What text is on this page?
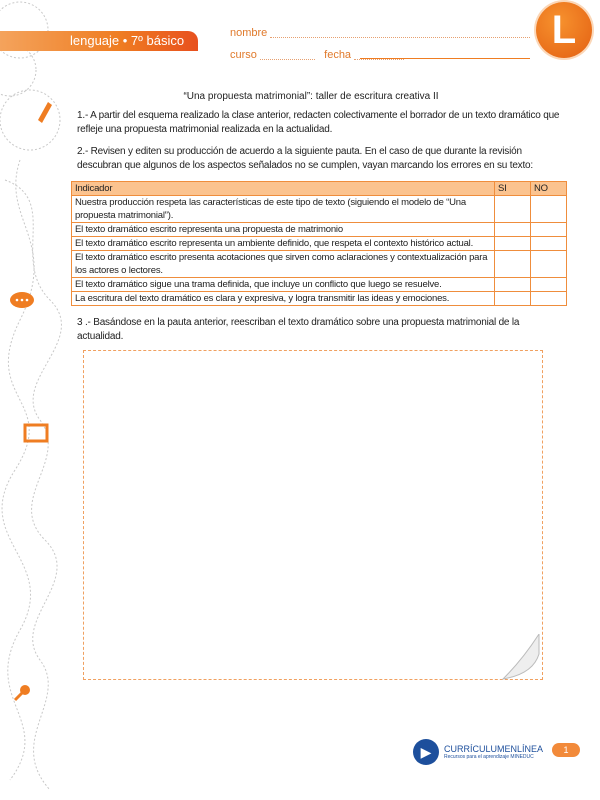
lenguaje • 7º básico	nombre
curso	fecha
L
“Una propuesta matrimonial”: taller de escritura creativa II
1.- A partir del esquema realizado la clase anterior, redacten colectivamente el borrador de un texto dramático que refleje una propuesta matrimonial realizada en la actualidad.
2.- Revisen y editen su producción de acuerdo a la siguiente pauta. En el caso de que durante la revisión descubran que algunos de los aspectos señalados no se cumplen, vayan marcando los errores en su texto:
Indicador	SI	NO
Nuestra producción respeta las características de este tipo de texto (siguiendo el modelo de “Una propuesta matrimonial”).		
El texto dramático escrito representa una propuesta de matrimonio		
El texto dramático escrito representa un ambiente definido, que respeta el contexto histórico actual.		
El texto dramático escrito presenta acotaciones que sirven como aclaraciones y contextualización para los actores o lectores.		
El texto dramático sigue una trama definida, que incluye un conflicto que luego se resuelve.		
La escritura del texto dramático es clara y expresiva, y logra transmitir las ideas y emociones.		
3 .- Basándose en la pauta anterior, reescriban el texto dramático sobre una propuesta matrimonial de la actualidad.
▶	CURRÍCULUMENLÍNEA
Recursos para el aprendizaje MINEDUC
1
